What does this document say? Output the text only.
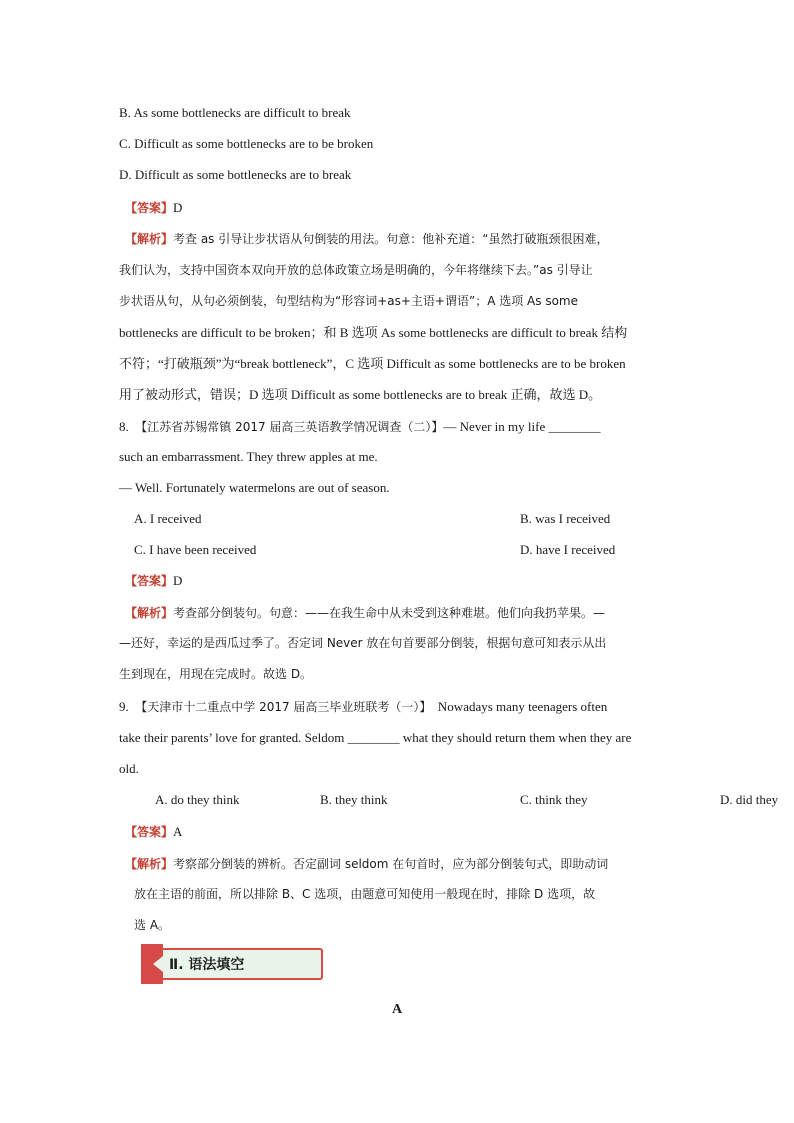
B. As some bottlenecks are difficult to break
C. Difficult as some bottlenecks are to be broken
D. Difficult as some bottlenecks are to break
【答案】D
【解析】考查 as 引导让步状语从句倒装的用法。句意：他补充道：“虽然打破瓶颈很困难，
我们认为，支持中国资本双向开放的总体政策立场是明确的，今年将继续下去。”as 引导让
步状语从句，从句必须倒装，句型结构为“形容词+as+主语+谓语”；A 选项 As some
bottlenecks are difficult to be broken；和 B 选项 As some bottlenecks are difficult to break 结构
不符；“打破瓶颈”为“break bottleneck”，C 选项 Difficult as some bottlenecks are to be broken
用了被动形式，错误；D 选项 Difficult as some bottlenecks are to break 正确，故选 D。
8. 【江苏省苏锡常镇 2017 届高三英语教学情况调查（二）】— Never in my life ________
such an embarrassment. They threw apples at me.
— Well. Fortunately watermelons are out of season.
A. I received	B. was I received
C. I have been received	D. have I received
【答案】D
【解析】考查部分倒装句。句意：——在我生命中从未受到这种难堪。他们向我扔苹果。—
—还好，幸运的是西瓜过季了。否定词 Never 放在句首要部分倒装，根据句意可知表示从出
生到现在，用现在完成时。故选 D。
9. 【天津市十二重点中学 2017 届高三毕业班联考（一）】 Nowadays many teenagers often
take their parents’ love for granted. Seldom ________ what they should return them when they are
old.
A. do they think	B. they think	C. think they	D. did they
【答案】A
【解析】考察部分倒装的辨析。否定副词 seldom 在句首时，应为部分倒装句式，即助动词
放在主语的前面，所以排除 B、C 选项，由题意可知使用一般现在时，排除 D 选项，故
选 A。
Ⅱ. 语法填空
A
